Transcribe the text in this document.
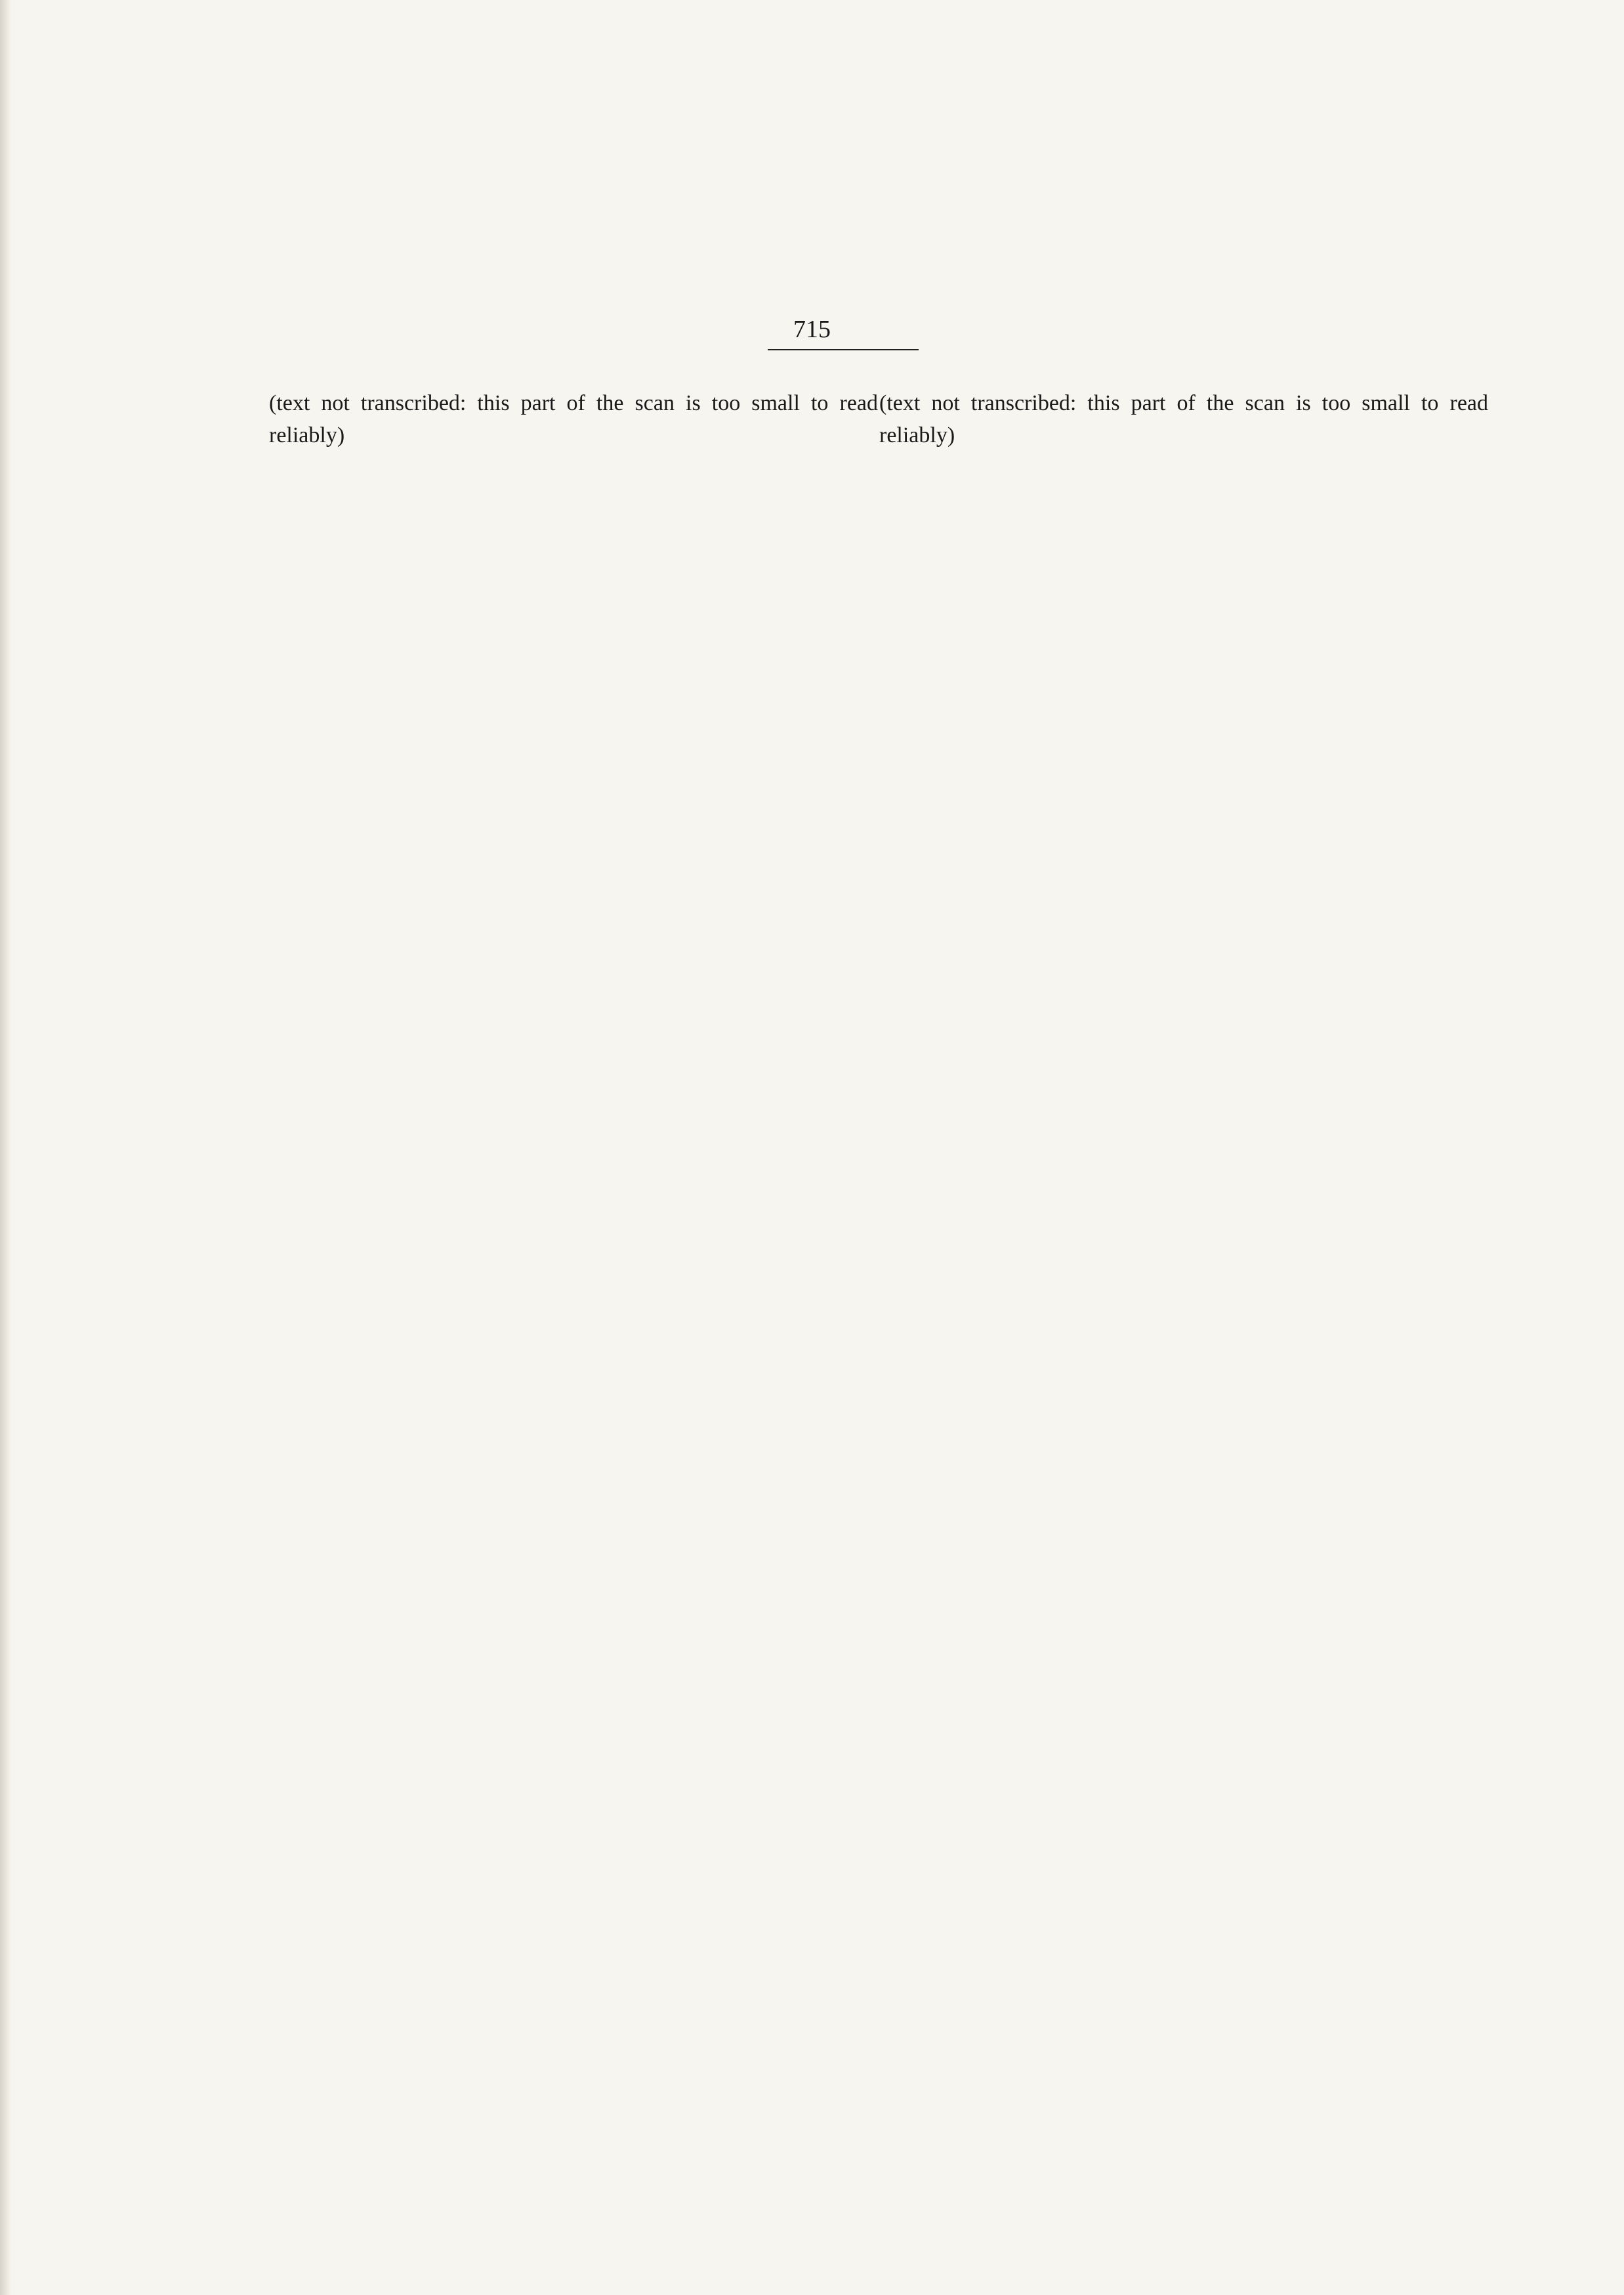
715

(text not transcribed: this part of the scan is too small to read reliably)

(text not transcribed: this part of the scan is too small to read reliably)
